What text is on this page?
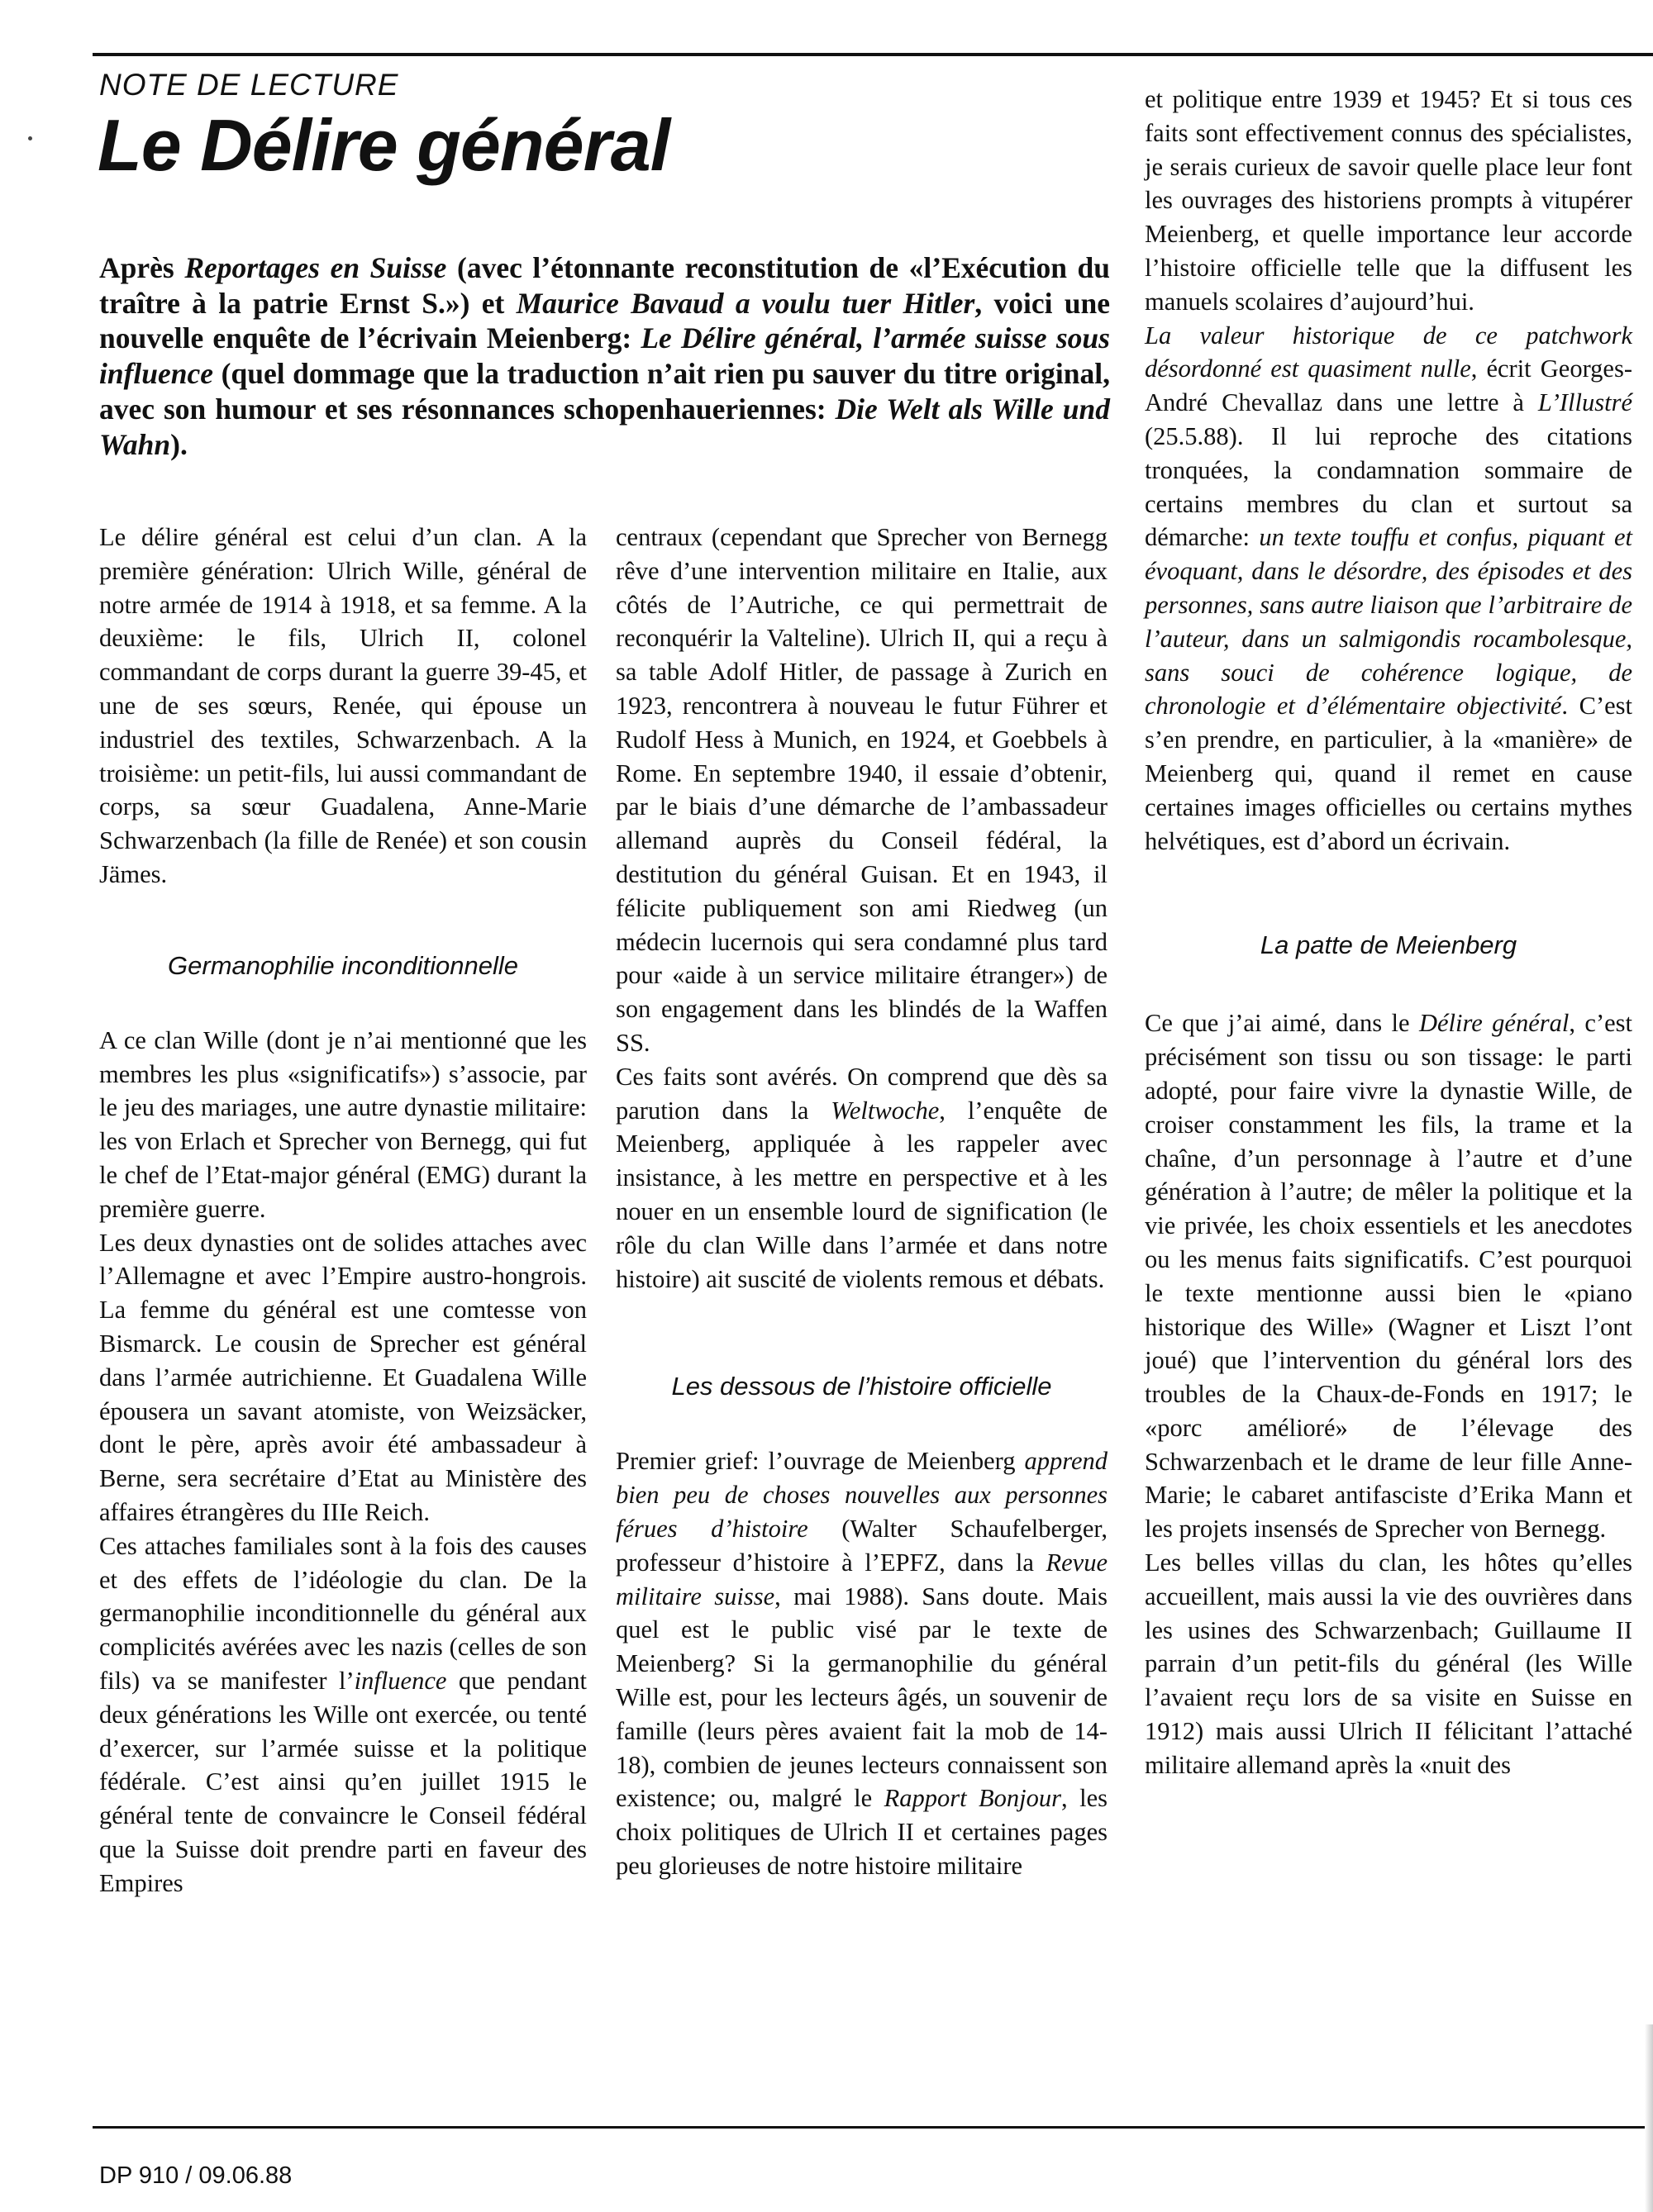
NOTE DE LECTURE
Le Délire général

Après Reportages en Suisse (avec l’étonnante reconstitution de «l’Exécution du traître à la patrie Ernst S.») et Maurice Bavaud a voulu tuer Hitler, voici une nouvelle enquête de l’écrivain Meienberg: Le Délire général, l’armée suisse sous influence (quel dommage que la traduction n’ait rien pu sauver du titre original, avec son humour et ses résonnances schopenhaueriennes: Die Welt als Wille und Wahn).

Le délire général est celui d’un clan. A la première génération: Ulrich Wille, général de notre armée de 1914 à 1918, et sa femme. A la deuxième: le fils, Ulrich II, colonel commandant de corps durant la guerre 39-45, et une de ses sœurs, Renée, qui épouse un industriel des textiles, Schwarzenbach. A la troisième: un petit-fils, lui aussi commandant de corps, sa sœur Guadalena, Anne-Marie Schwarzenbach (la fille de Renée) et son cousin Jämes.

Germanophilie inconditionnelle

A ce clan Wille (dont je n’ai mentionné que les membres les plus «significatifs») s’associe, par le jeu des mariages, une autre dynastie militaire: les von Erlach et Sprecher von Bernegg, qui fut le chef de l’Etat-major général (EMG) durant la première guerre.

Les deux dynasties ont de solides attaches avec l’Allemagne et avec l’Empire austro-hongrois. La femme du général est une comtesse von Bismarck. Le cousin de Sprecher est général dans l’armée autrichienne. Et Guadalena Wille épousera un savant atomiste, von Weizsäcker, dont le père, après avoir été ambassadeur à Berne, sera secrétaire d’Etat au Ministère des affaires étrangères du IIIe Reich.

Ces attaches familiales sont à la fois des causes et des effets de l’idéologie du clan. De la germanophilie inconditionnelle du général aux complicités avérées avec les nazis (celles de son fils) va se manifester l’influence que pendant deux générations les Wille ont exercée, ou tenté d’exercer, sur l’armée suisse et la politique fédérale. C’est ainsi qu’en juillet 1915 le général tente de convaincre le Conseil fédéral que la Suisse doit prendre parti en faveur des Empires

centraux (cependant que Sprecher von Bernegg rêve d’une intervention militaire en Italie, aux côtés de l’Autriche, ce qui permettrait de reconquérir la Valteline). Ulrich II, qui a reçu à sa table Adolf Hitler, de passage à Zurich en 1923, rencontrera à nouveau le futur Führer et Rudolf Hess à Munich, en 1924, et Goebbels à Rome. En septembre 1940, il essaie d’obtenir, par le biais d’une démarche de l’ambassadeur allemand auprès du Conseil fédéral, la destitution du général Guisan. Et en 1943, il félicite publiquement son ami Riedweg (un médecin lucernois qui sera condamné plus tard pour «aide à un service militaire étranger») de son engagement dans les blindés de la Waffen SS.

Ces faits sont avérés. On comprend que dès sa parution dans la Weltwoche, l’enquête de Meienberg, appliquée à les rappeler avec insistance, à les mettre en perspective et à les nouer en un ensemble lourd de signification (le rôle du clan Wille dans l’armée et dans notre histoire) ait suscité de violents remous et débats.

Les dessous de l’histoire officielle

Premier grief: l’ouvrage de Meienberg apprend bien peu de choses nouvelles aux personnes férues d’histoire (Walter Schaufelberger, professeur d’histoire à l’EPFZ, dans la Revue militaire suisse, mai 1988). Sans doute. Mais quel est le public visé par le texte de Meienberg? Si la germanophilie du général Wille est, pour les lecteurs âgés, un souvenir de famille (leurs pères avaient fait la mob de 14-18), combien de jeunes lecteurs connaissent son existence; ou, malgré le Rapport Bonjour, les choix politiques de Ulrich II et certaines pages peu glorieuses de notre histoire militaire

et politique entre 1939 et 1945? Et si tous ces faits sont effectivement connus des spécialistes, je serais curieux de savoir quelle place leur font les ouvrages des historiens prompts à vitupérer Meienberg, et quelle importance leur accorde l’histoire officielle telle que la diffusent les manuels scolaires d’aujourd’hui.

La valeur historique de ce patchwork désordonné est quasiment nulle, écrit Georges-André Chevallaz dans une lettre à L’Illustré (25.5.88). Il lui reproche des citations tronquées, la condamnation sommaire de certains membres du clan et surtout sa démarche: un texte touffu et confus, piquant et évoquant, dans le désordre, des épisodes et des personnes, sans autre liaison que l’arbitraire de l’auteur, dans un salmigondis rocambolesque, sans souci de cohérence logique, de chronologie et d’élémentaire objectivité. C’est s’en prendre, en particulier, à la «manière» de Meienberg qui, quand il remet en cause certaines images officielles ou certains mythes helvétiques, est d’abord un écrivain.

La patte de Meienberg

Ce que j’ai aimé, dans le Délire général, c’est précisément son tissu ou son tissage: le parti adopté, pour faire vivre la dynastie Wille, de croiser constamment les fils, la trame et la chaîne, d’un personnage à l’autre et d’une génération à l’autre; de mêler la politique et la vie privée, les choix essentiels et les anecdotes ou les menus faits significatifs. C’est pourquoi le texte mentionne aussi bien le «piano historique des Wille» (Wagner et Liszt l’ont joué) que l’intervention du général lors des troubles de la Chaux-de-Fonds en 1917; le «porc amélioré» de l’élevage des Schwarzenbach et le drame de leur fille Anne-Marie; le cabaret antifasciste d’Erika Mann et les projets insensés de Sprecher von Bernegg.

Les belles villas du clan, les hôtes qu’elles accueillent, mais aussi la vie des ouvrières dans les usines des Schwarzenbach; Guillaume II parrain d’un petit-fils du général (les Wille l’avaient reçu lors de sa visite en Suisse en 1912) mais aussi Ulrich II félicitant l’attaché militaire allemand après la «nuit des

DP 910 / 09.06.88
